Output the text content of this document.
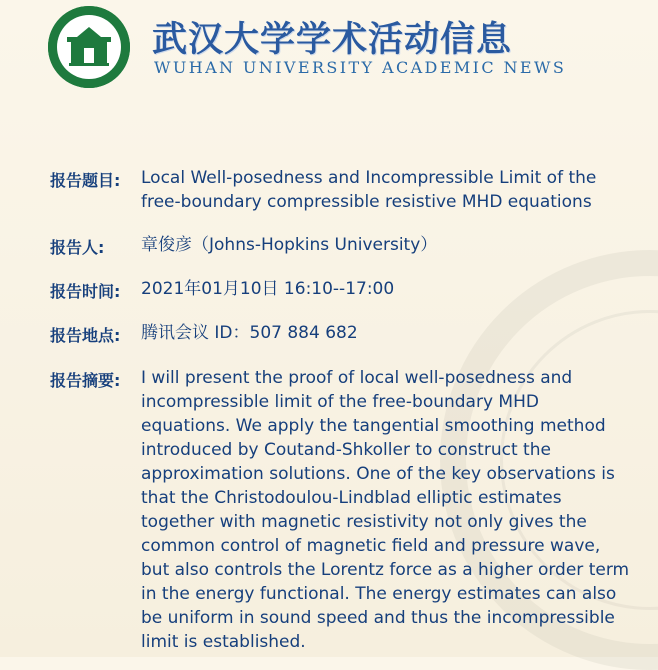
武汉大学学术活动信息
WUHAN UNIVERSITY ACADEMIC NEWS
报告题目:	Local Well-posedness and Incompressible Limit of the free-boundary compressible resistive MHD equations
报告人:	章俊彦（Johns-Hopkins University）
报告时间:	2021年01月10日 16:10--17:00
报告地点:	腾讯会议 ID：507 884 682
报告摘要:	I will present the proof of local well-posedness and incompressible limit of the free-boundary MHD equations. We apply the tangential smoothing method introduced by Coutand-Shkoller to construct the approximation solutions. One of the key observations is that the Christodoulou-Lindblad elliptic estimates together with magnetic resistivity not only gives the common control of magnetic field and pressure wave, but also controls the Lorentz force as a higher order term in the energy functional. The energy estimates can also be uniform in sound speed and thus the incompressible limit is established.
